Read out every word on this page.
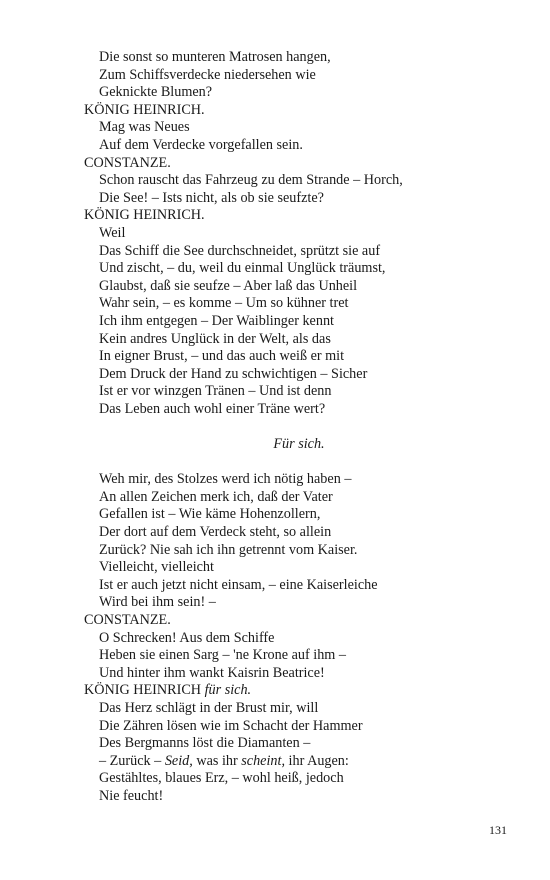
Die sonst so munteren Matrosen hangen,
Zum Schiffsverdecke niedersehen wie
Geknickte Blumen?
KÖNIG HEINRICH.
Mag was Neues
Auf dem Verdecke vorgefallen sein.
CONSTANZE.
Schon rauscht das Fahrzeug zu dem Strande – Horch,
Die See! – Ists nicht, als ob sie seufzte?
KÖNIG HEINRICH.
Weil
Das Schiff die See durchschneidet, sprützt sie auf
Und zischt, – du, weil du einmal Unglück träumst,
Glaubst, daß sie seufze – Aber laß das Unheil
Wahr sein, – es komme – Um so kühner tret
Ich ihm entgegen – Der Waiblinger kennt
Kein andres Unglück in der Welt, als das
In eigner Brust, – und das auch weiß er mit
Dem Druck der Hand zu schwichtigen – Sicher
Ist er vor winzgen Tränen – Und ist denn
Das Leben auch wohl einer Träne wert?
Für sich.
Weh mir, des Stolzes werd ich nötig haben –
An allen Zeichen merk ich, daß der Vater
Gefallen ist – Wie käme Hohenzollern,
Der dort auf dem Verdeck steht, so allein
Zurück? Nie sah ich ihn getrennt vom Kaiser.
Vielleicht, vielleicht
Ist er auch jetzt nicht einsam, – eine Kaiserleiche
Wird bei ihm sein! –
CONSTANZE.
O Schrecken! Aus dem Schiffe
Heben sie einen Sarg – 'ne Krone auf ihm –
Und hinter ihm wankt Kaisrin Beatrice!
KÖNIG HEINRICH für sich.
Das Herz schlägt in der Brust mir, will
Die Zähren lösen wie im Schacht der Hammer
Des Bergmanns löst die Diamanten –
– Zurück – Seid, was ihr scheint, ihr Augen:
Gestähltes, blaues Erz, – wohl heiß, jedoch
Nie feucht!
131
